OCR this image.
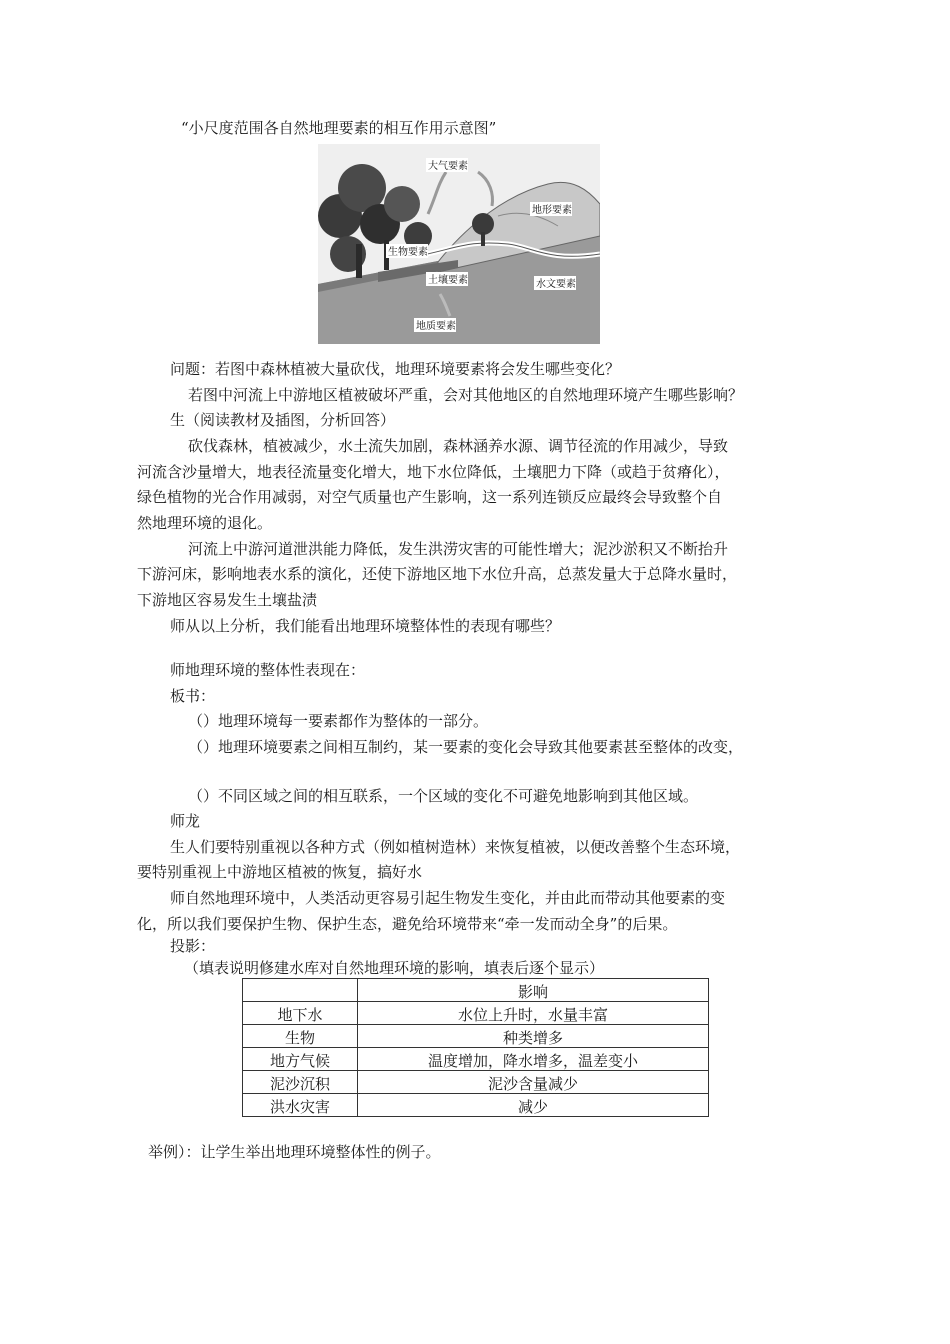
“小尺度范围各自然地理要素的相互作用示意图”
大气要素
地形要素
生物要素
土壤要素	水文要素
地质要素
问题：若图中森林植被大量砍伐，地理环境要素将会发生哪些变化？
若图中河流上中游地区植被破坏严重，会对其他地区的自然地理环境产生哪些影响？
生（阅读教材及插图，分析回答）
砍伐森林，植被减少，水土流失加剧，森林涵养水源、调节径流的作用减少，导致
河流含沙量增大，地表径流量变化增大，地下水位降低，土壤肥力下降（或趋于贫瘠化），
绿色植物的光合作用减弱，对空气质量也产生影响，这一系列连锁反应最终会导致整个自
然地理环境的退化。
河流上中游河道泄洪能力降低，发生洪涝灾害的可能性增大；泥沙淤积又不断抬升
下游河床，影响地表水系的演化，还使下游地区地下水位升高，总蒸发量大于总降水量时，
下游地区容易发生土壤盐渍
师从以上分析，我们能看出地理环境整体性的表现有哪些？
师地理环境的整体性表现在：
板书：
（）地理环境每一要素都作为整体的一部分。
（）地理环境要素之间相互制约，某一要素的变化会导致其他要素甚至整体的改变，
（）不同区域之间的相互联系，一个区域的变化不可避免地影响到其他区域。
师龙
生人们要特别重视以各种方式（例如植树造林）来恢复植被，以便改善整个生态环境，
要特别重视上中游地区植被的恢复，搞好水
师自然地理环境中，人类活动更容易引起生物发生变化，并由此而带动其他要素的变
化，所以我们要保护生物、保护生态，避免给环境带来“牵一发而动全身”的后果。
投影：
（填表说明修建水库对自然地理环境的影响，填表后逐个显示）
	影响
地下水	水位上升时，水量丰富
生物	种类增多
地方气候	温度增加，降水增多，温差变小
泥沙沉积	泥沙含量减少
洪水灾害	减少
举例）：让学生举出地理环境整体性的例子。
